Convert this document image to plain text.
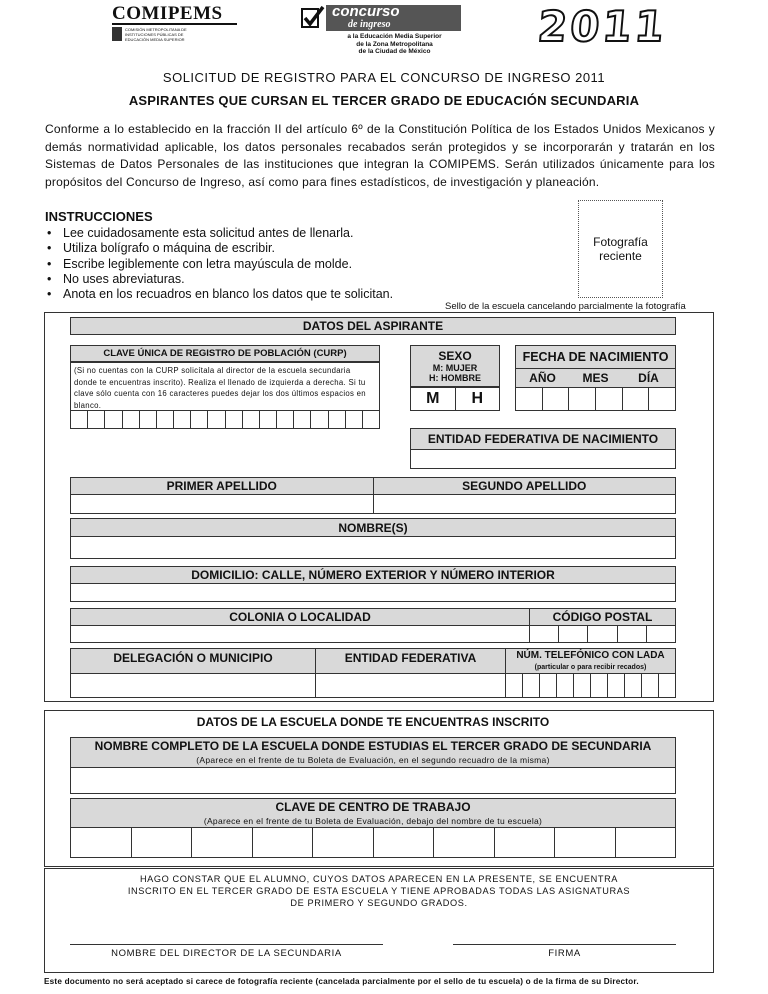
COMIPEMS
COMISIÓN METROPOLITANA DE
INSTITUCIONES PÚBLICAS DE
EDUCACIÓN MEDIA SUPERIOR
concurso
de ingreso
a la Educación Media Superior
de la Zona Metropolitana
de la Ciudad de México
2011
SOLICITUD DE REGISTRO PARA EL CONCURSO DE INGRESO 2011
ASPIRANTES QUE CURSAN EL TERCER GRADO DE EDUCACIÓN SECUNDARIA
Conforme a lo establecido en la fracción II del artículo 6º de la Constitución Política de los Estados Unidos Mexicanos y demás normatividad aplicable, los datos personales recabados serán protegidos y se incorporarán y tratarán en los Sistemas de Datos Personales de las instituciones que integran la COMIPEMS. Serán utilizados únicamente para los propósitos del Concurso de Ingreso, así como para fines estadísticos, de investigación y planeación.
INSTRUCCIONES
• Lee cuidadosamente esta solicitud antes de llenarla.
• Utiliza bolígrafo o máquina de escribir.
• Escribe legiblemente con letra mayúscula de molde.
• No uses abreviaturas.
• Anota en los recuadros en blanco los datos que te solicitan.
Fotografía reciente
Sello de la escuela cancelando parcialmente la fotografía
DATOS DEL ASPIRANTE
CLAVE ÚNICA DE REGISTRO DE POBLACIÓN (CURP)
(Si no cuentas con la CURP solicítala al director de la escuela secundaria donde te encuentras inscrito). Realiza el llenado de izquierda a derecha. Si tu clave sólo cuenta con 16 caracteres puedes dejar los dos últimos espacios en blanco.
SEXO
M: MUJER
H: HOMBRE
M	H
FECHA DE NACIMIENTO
AÑO	MES	DÍA
ENTIDAD FEDERATIVA DE NACIMIENTO
PRIMER APELLIDO	SEGUNDO APELLIDO
NOMBRE(S)
DOMICILIO: CALLE, NÚMERO EXTERIOR Y NÚMERO INTERIOR
COLONIA O LOCALIDAD	CÓDIGO POSTAL
DELEGACIÓN O MUNICIPIO	ENTIDAD FEDERATIVA	NÚM. TELEFÓNICO CON LADA
(particular o para recibir recados)
DATOS DE LA ESCUELA DONDE TE ENCUENTRAS INSCRITO
NOMBRE COMPLETO DE LA ESCUELA DONDE ESTUDIAS EL TERCER GRADO DE SECUNDARIA
(Aparece en el frente de tu Boleta de Evaluación, en el segundo recuadro de la misma)
CLAVE DE CENTRO DE TRABAJO
(Aparece en el frente de tu Boleta de Evaluación, debajo del nombre de tu escuela)
HAGO CONSTAR QUE EL ALUMNO, CUYOS DATOS APARECEN EN LA PRESENTE, SE ENCUENTRA
INSCRITO EN EL TERCER GRADO DE ESTA ESCUELA Y TIENE APROBADAS TODAS LAS ASIGNATURAS
DE PRIMERO Y SEGUNDO GRADOS.
NOMBRE DEL DIRECTOR DE LA SECUNDARIA	FIRMA
Este documento no será aceptado si carece de fotografía reciente (cancelada parcialmente por el sello de tu escuela) o de la firma de su Director.
